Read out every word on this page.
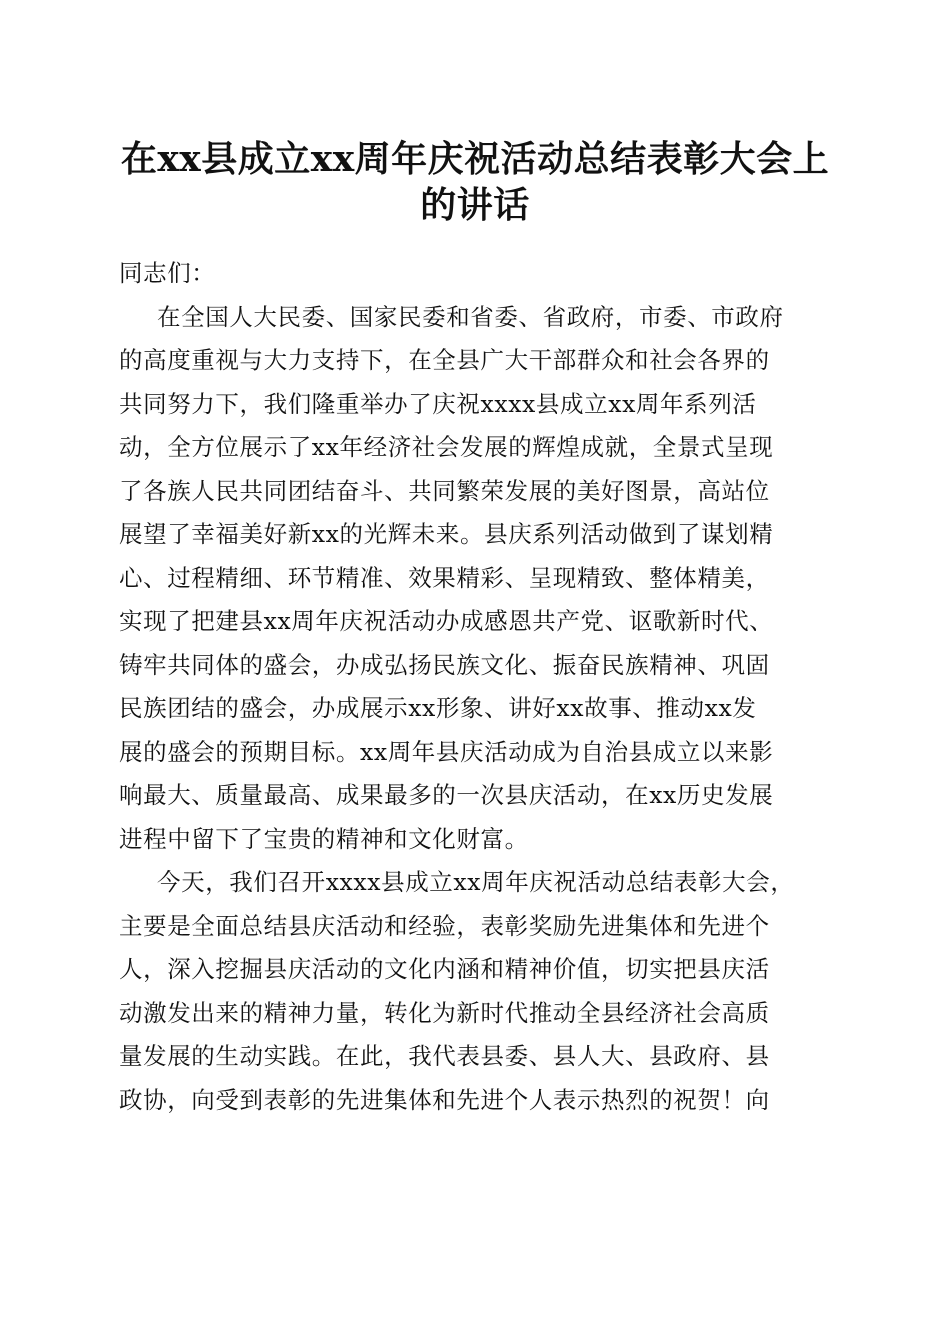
在xx县成立xx周年庆祝活动总结表彰大会上
的讲话
同志们：
在全国人大民委、国家民委和省委、省政府，市委、市政府
的高度重视与大力支持下，在全县广大干部群众和社会各界的
共同努力下，我们隆重举办了庆祝xxxx县成立xx周年系列活
动，全方位展示了xx年经济社会发展的辉煌成就，全景式呈现
了各族人民共同团结奋斗、共同繁荣发展的美好图景，高站位
展望了幸福美好新xx的光辉未来。县庆系列活动做到了谋划精
心、过程精细、环节精准、效果精彩、呈现精致、整体精美，
实现了把建县xx周年庆祝活动办成感恩共产党、讴歌新时代、
铸牢共同体的盛会，办成弘扬民族文化、振奋民族精神、巩固
民族团结的盛会，办成展示xx形象、讲好xx故事、推动xx发
展的盛会的预期目标。xx周年县庆活动成为自治县成立以来影
响最大、质量最高、成果最多的一次县庆活动，在xx历史发展
进程中留下了宝贵的精神和文化财富。
今天，我们召开xxxx县成立xx周年庆祝活动总结表彰大会，
主要是全面总结县庆活动和经验，表彰奖励先进集体和先进个
人，深入挖掘县庆活动的文化内涵和精神价值，切实把县庆活
动激发出来的精神力量，转化为新时代推动全县经济社会高质
量发展的生动实践。在此，我代表县委、县人大、县政府、县
政协，向受到表彰的先进集体和先进个人表示热烈的祝贺！向
